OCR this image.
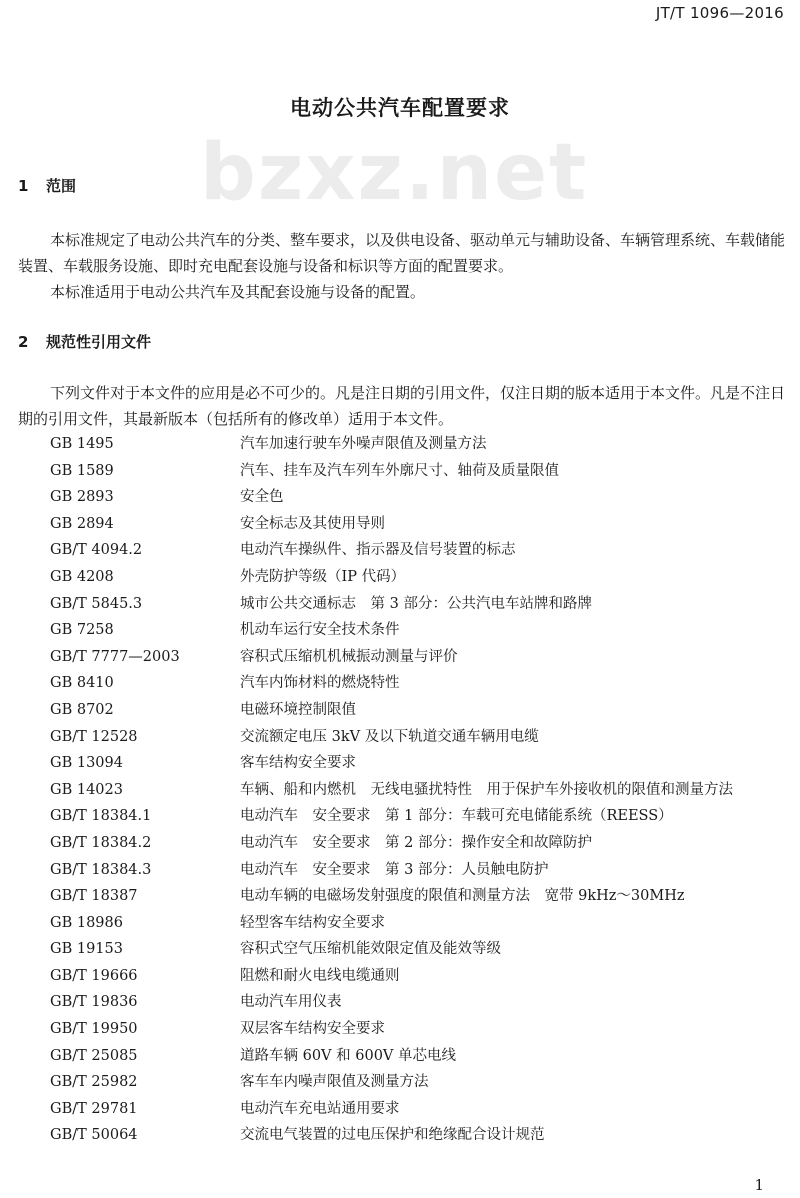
JT/T 1096—2016
bzxz.net
电动公共汽车配置要求
1 范围

本标准规定了电动公共汽车的分类、整车要求，以及供电设备、驱动单元与辅助设备、车辆管理系统、车载储能装置、车载服务设施、即时充电配套设施与设备和标识等方面的配置要求。

本标准适用于电动公共汽车及其配套设施与设备的配置。

2 规范性引用文件

下列文件对于本文件的应用是必不可少的。凡是注日期的引用文件，仅注日期的版本适用于本文件。凡是不注日期的引用文件，其最新版本（包括所有的修改单）适用于本文件。

GB 1495	汽车加速行驶车外噪声限值及测量方法
GB 1589	汽车、挂车及汽车列车外廓尺寸、轴荷及质量限值
GB 2893	安全色
GB 2894	安全标志及其使用导则
GB/T 4094.2	电动汽车操纵件、指示器及信号装置的标志
GB 4208	外壳防护等级（IP 代码）
GB/T 5845.3	城市公共交通标志　第 3 部分：公共汽电车站牌和路牌
GB 7258	机动车运行安全技术条件
GB/T 7777—2003	容积式压缩机机械振动测量与评价
GB 8410	汽车内饰材料的燃烧特性
GB 8702	电磁环境控制限值
GB/T 12528	交流额定电压 3kV 及以下轨道交通车辆用电缆
GB 13094	客车结构安全要求
GB 14023	车辆、船和内燃机　无线电骚扰特性　用于保护车外接收机的限值和测量方法
GB/T 18384.1	电动汽车　安全要求　第 1 部分：车载可充电储能系统（REESS）
GB/T 18384.2	电动汽车　安全要求　第 2 部分：操作安全和故障防护
GB/T 18384.3	电动汽车　安全要求　第 3 部分：人员触电防护
GB/T 18387	电动车辆的电磁场发射强度的限值和测量方法　宽带 9kHz～30MHz
GB 18986	轻型客车结构安全要求
GB 19153	容积式空气压缩机能效限定值及能效等级
GB/T 19666	阻燃和耐火电线电缆通则
GB/T 19836	电动汽车用仪表
GB/T 19950	双层客车结构安全要求
GB/T 25085	道路车辆 60V 和 600V 单芯电线
GB/T 25982	客车车内噪声限值及测量方法
GB/T 29781	电动汽车充电站通用要求
GB/T 50064	交流电气装置的过电压保护和绝缘配合设计规范
1
